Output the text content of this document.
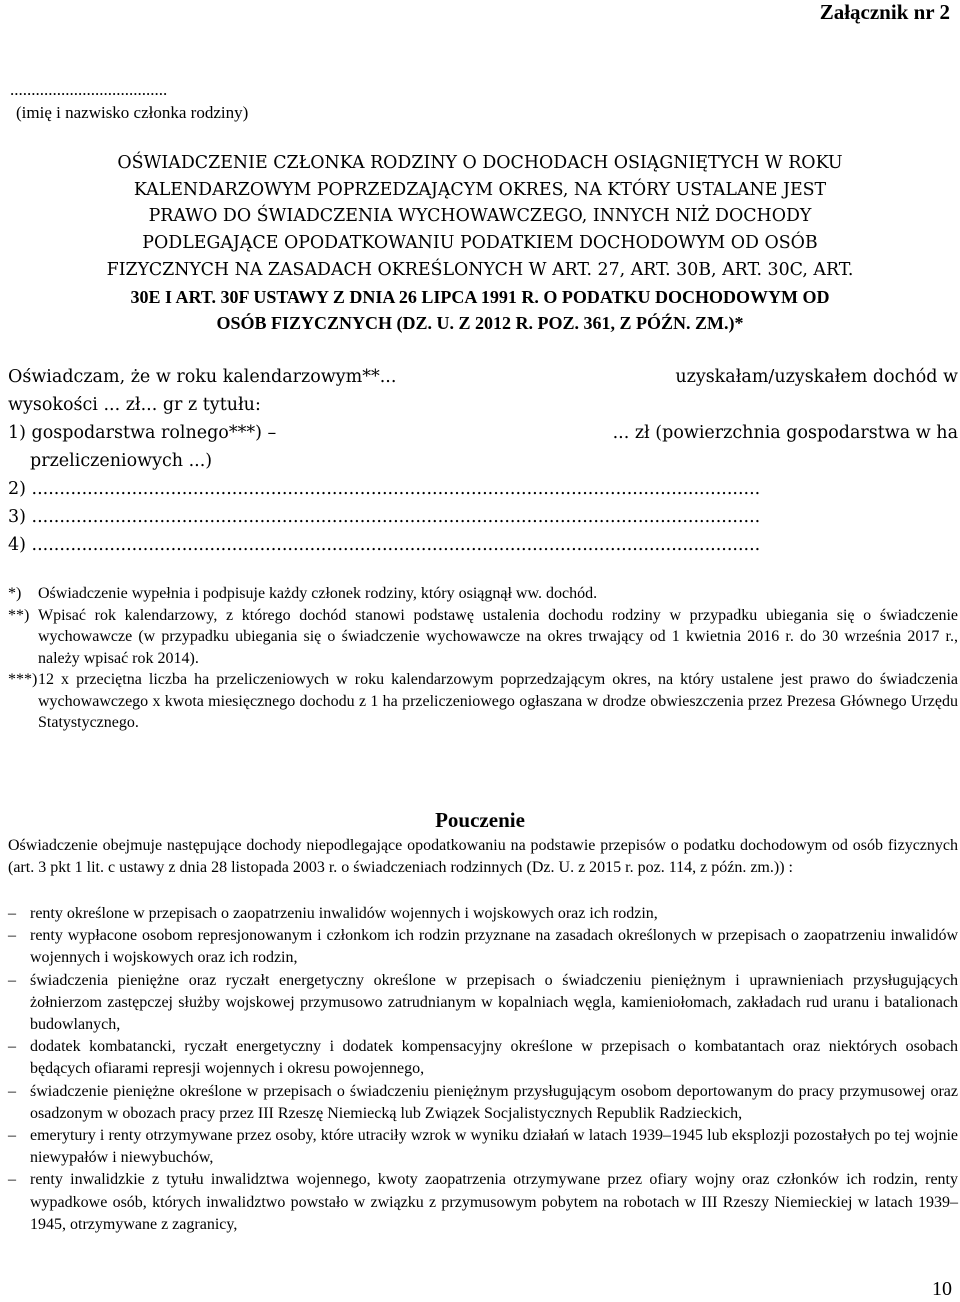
Załącznik nr 2
.....................................
(imię i nazwisko członka rodziny)
OŚWIADCZENIE CZŁONKA RODZINY O DOCHODACH OSIĄGNIĘTYCH W ROKU
KALENDARZOWYM POPRZEDZAJĄCYM OKRES, NA KTÓRY USTALANE JEST
PRAWO DO ŚWIADCZENIA WYCHOWAWCZEGO, INNYCH NIŻ DOCHODY
PODLEGAJĄCE OPODATKOWANIU PODATKIEM DOCHODOWYM OD OSÓB
FIZYCZNYCH NA ZASADACH OKREŚLONYCH W ART. 27, ART. 30B, ART. 30C, ART.
30E I ART. 30F USTAWY Z DNIA 26 LIPCA 1991 R. O PODATKU DOCHODOWYM OD
OSÓB FIZYCZNYCH (DZ. U. Z 2012 R. POZ. 361, Z PÓŹN. ZM.)*
Oświadczam, że w roku kalendarzowym**...	uzyskałam/uzyskałem dochód w
wysokości ... zł... gr z tytułu:
1) gospodarstwa rolnego***) –	... zł (powierzchnia gospodarstwa w ha
przeliczeniowych ...)
2) ...................................................................................................................................
3) ...................................................................................................................................
4) ...................................................................................................................................
*)	Oświadczenie wypełnia i podpisuje każdy członek rodziny, który osiągnął ww. dochód.
**) Wpisać rok kalendarzowy, z którego dochód stanowi podstawę ustalenia dochodu rodziny w przypadku ubiegania się o świadczenie wychowawcze (w przypadku ubiegania się o świadczenie wychowawcze na okres trwający od 1 kwietnia 2016 r. do 30 września 2017 r., należy wpisać rok 2014).
***) 12 x przeciętna liczba ha przeliczeniowych w roku kalendarzowym poprzedzającym okres, na który ustalene jest prawo do świadczenia wychowawczego x kwota miesięcznego dochodu z 1 ha przeliczeniowego ogłaszana w drodze obwieszczenia przez Prezesa Głównego Urzędu Statystycznego.
Pouczenie
Oświadczenie obejmuje następujące dochody niepodlegające opodatkowaniu na podstawie przepisów o podatku dochodowym od osób fizycznych (art. 3 pkt 1 lit. c ustawy z dnia 28 listopada 2003 r. o świadczeniach rodzinnych (Dz. U. z 2015 r. poz. 114, z późn. zm.)) :
– renty określone w przepisach o zaopatrzeniu inwalidów wojennych i wojskowych oraz ich rodzin,
– renty wypłacone osobom represjonowanym i członkom ich rodzin przyznane na zasadach określonych w przepisach o zaopatrzeniu inwalidów wojennych i wojskowych oraz ich rodzin,
– świadczenia pieniężne oraz ryczałt energetyczny określone w przepisach o świadczeniu pieniężnym i uprawnieniach przysługujących żołnierzom zastępczej służby wojskowej przymusowo zatrudnianym w kopalniach węgla, kamieniołomach, zakładach rud uranu i batalionach budowlanych,
– dodatek kombatancki, ryczałt energetyczny i dodatek kompensacyjny określone w przepisach o kombatantach oraz niektórych osobach będących ofiarami represji wojennych i okresu powojennego,
– świadczenie pieniężne określone w przepisach o świadczeniu pieniężnym przysługującym osobom deportowanym do pracy przymusowej oraz osadzonym w obozach pracy przez III Rzeszę Niemiecką lub Związek Socjalistycznych Republik Radzieckich,
– emerytury i renty otrzymywane przez osoby, które utraciły wzrok w wyniku działań w latach 1939–1945 lub eksplozji pozostałych po tej wojnie niewypałów i niewybuchów,
– renty inwalidzkie z tytułu inwalidztwa wojennego, kwoty zaopatrzenia otrzymywane przez ofiary wojny oraz członków ich rodzin, renty wypadkowe osób, których inwalidztwo powstało w związku z przymusowym pobytem na robotach w III Rzeszy Niemieckiej w latach 1939–1945, otrzymywane z zagranicy,
10
